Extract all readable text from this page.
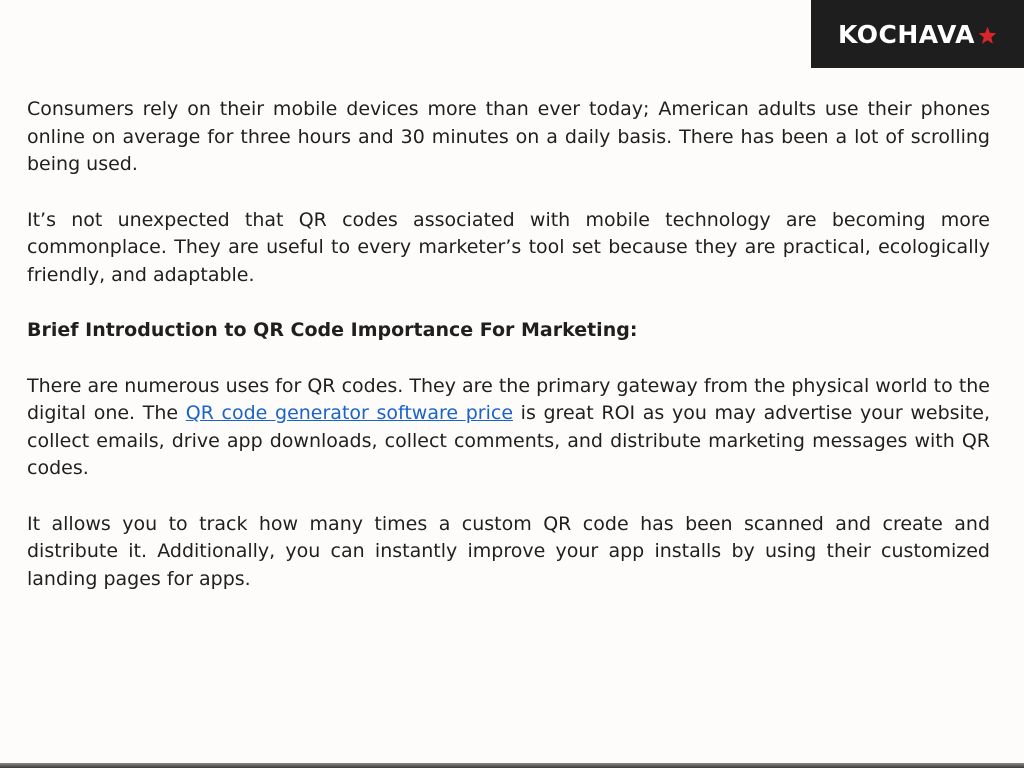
KOCHAVA

Consumers rely on their mobile devices more than ever today; American adults use their phones online on average for three hours and 30 minutes on a daily basis. There has been a lot of scrolling being used.

It’s not unexpected that QR codes associated with mobile technology are becoming more commonplace. They are useful to every marketer’s tool set because they are practical, ecologically friendly, and adaptable.

Brief Introduction to QR Code Importance For Marketing:

There are numerous uses for QR codes. They are the primary gateway from the physical world to the digital one. The QR code generator software price is great ROI as you may advertise your website, collect emails, drive app downloads, collect comments, and distribute marketing messages with QR codes.

It allows you to track how many times a custom QR code has been scanned and create and distribute it. Additionally, you can instantly improve your app installs by using their customized landing pages for apps.
